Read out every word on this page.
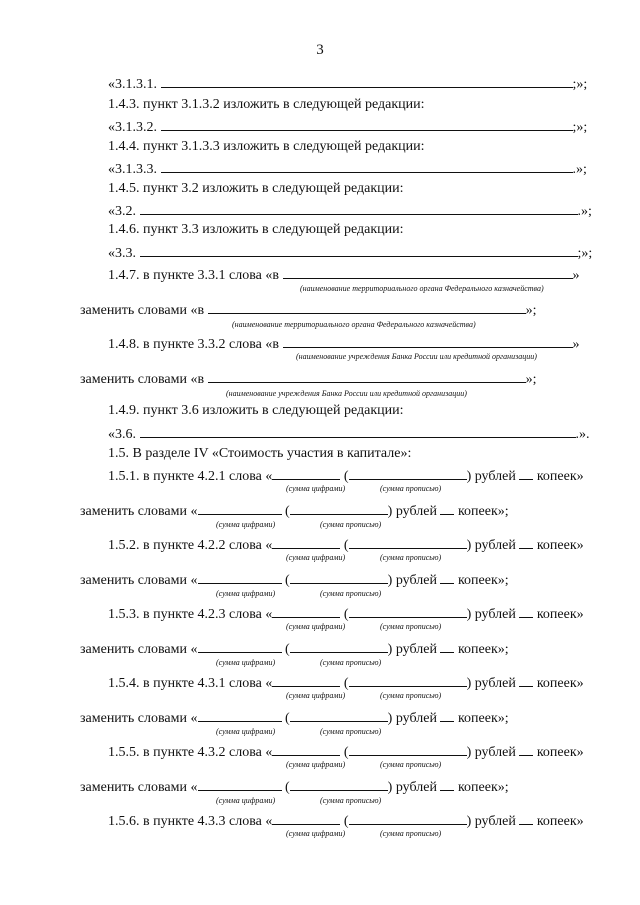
3
«3.1.3.1.	;»;
1.4.3. пункт 3.1.3.2 изложить в следующей редакции:
«3.1.3.2.	;»;
1.4.4. пункт 3.1.3.3 изложить в следующей редакции:
«3.1.3.3.	.»;
1.4.5. пункт 3.2 изложить в следующей редакции:
«3.2.	.»;
1.4.6. пункт 3.3 изложить в следующей редакции:
«3.3.	;»;
1.4.7. в пункте 3.3.1 слова «в	»
(наименование территориального органа Федерального казначейства)
заменить словами «в	»;
(наименование территориального органа Федерального казначейства)
1.4.8. в пункте 3.3.2 слова «в	»
(наименование учреждения Банка России или кредитной организации)
заменить словами «в	»;
(наименование учреждения Банка России или кредитной организации)
1.4.9. пункт 3.6 изложить в следующей редакции:
«3.6.	.».
1.5. В разделе IV «Стоимость участия в капитале»:
1.5.1. в пункте 4.2.1 слова «	(	) рублей копеек»
(сумма цифрами)	(сумма прописью)
заменить словами «	(	) рублей копеек»;
(сумма цифрами)	(сумма прописью)
1.5.2. в пункте 4.2.2 слова «	(	) рублей копеек»
(сумма цифрами)	(сумма прописью)
заменить словами «	(	) рублей копеек»;
(сумма цифрами)	(сумма прописью)
1.5.3. в пункте 4.2.3 слова «	(	) рублей копеек»
(сумма цифрами)	(сумма прописью)
заменить словами «	(	) рублей копеек»;
(сумма цифрами)	(сумма прописью)
1.5.4. в пункте 4.3.1 слова «	(	) рублей копеек»
(сумма цифрами)	(сумма прописью)
заменить словами «	(	) рублей копеек»;
(сумма цифрами)	(сумма прописью)
1.5.5. в пункте 4.3.2 слова «	(	) рублей копеек»
(сумма цифрами)	(сумма прописью)
заменить словами «	(	) рублей копеек»;
(сумма цифрами)	(сумма прописью)
1.5.6. в пункте 4.3.3 слова «	(	) рублей копеек»
(сумма цифрами)	(сумма прописью)
